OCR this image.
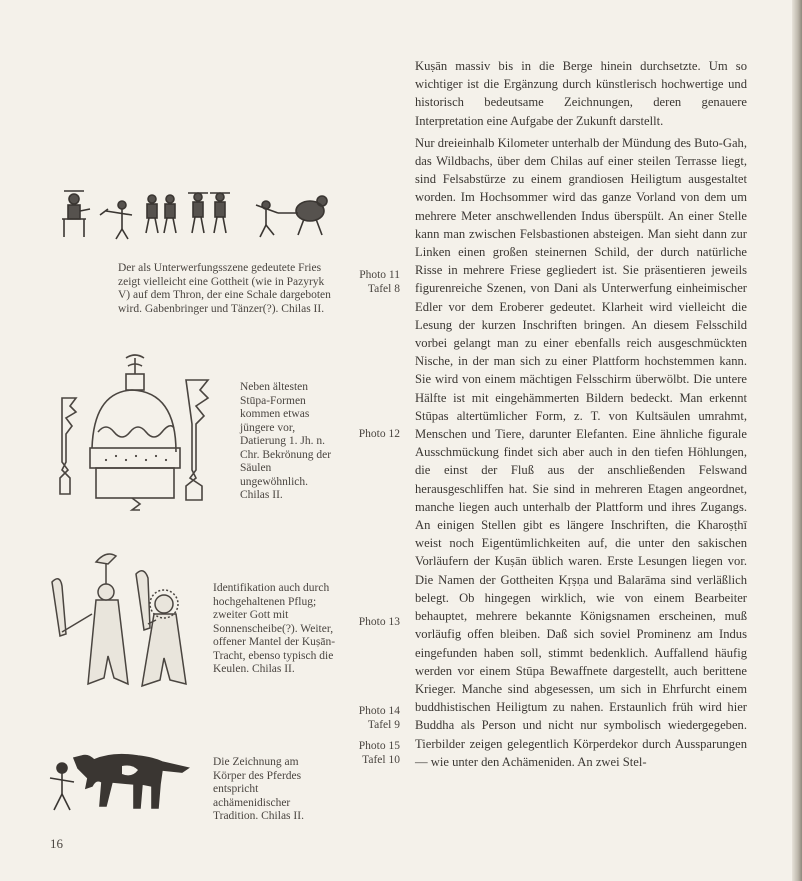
Der als Unterwerfungsszene gedeutete Fries zeigt vielleicht eine Gottheit (wie in Pazyryk V) auf dem Thron, der eine Schale dargeboten wird. Gabenbringer und Tänzer(?). Chilas II.

Neben ältesten Stūpa-Formen kommen etwas jüngere vor, Datierung 1. Jh. n. Chr. Bekrönung der Säulen ungewöhnlich. Chilas II.

Identifikation auch durch hochgehaltenen Pflug; zweiter Gott mit Sonnenscheibe(?). Weiter, offener Mantel der Kuṣān-Tracht, ebenso typisch die Keulen. Chilas II.

Die Zeichnung am Körper des Pferdes entspricht achämenidischer Tradition. Chilas II.

Photo 11
Tafel 8
Photo 12
Photo 13
Photo 14
Tafel 9
Photo 15
Tafel 10

Kuṣān massiv bis in die Berge hinein durchsetzte. Um so wichtiger ist die Ergänzung durch künstlerisch hochwertige und historisch bedeutsame Zeichnungen, deren genauere Interpretation eine Aufgabe der Zukunft darstellt.

Nur dreieinhalb Kilometer unterhalb der Mündung des Buto-Gah, das Wildbachs, über dem Chilas auf einer steilen Terrasse liegt, sind Felsabstürze zu einem grandiosen Heiligtum ausgestaltet worden. Im Hochsommer wird das ganze Vorland von dem um mehrere Meter anschwellenden Indus überspült. An einer Stelle kann man zwischen Felsbastionen absteigen. Man sieht dann zur Linken einen großen steinernen Schild, der durch natürliche Risse in mehrere Friese gegliedert ist. Sie präsentieren jeweils figurenreiche Szenen, von Dani als Unterwerfung einheimischer Edler vor dem Eroberer gedeutet. Klarheit wird vielleicht die Lesung der kurzen Inschriften bringen. An diesem Felsschild vorbei gelangt man zu einer ebenfalls reich ausgeschmückten Nische, in der man sich zu einer Plattform hochstemmen kann. Sie wird von einem mächtigen Felsschirm überwölbt. Die untere Hälfte ist mit eingehämmerten Bildern bedeckt. Man erkennt Stūpas altertümlicher Form, z. T. von Kultsäulen umrahmt, Menschen und Tiere, darunter Elefanten. Eine ähnliche figurale Ausschmückung findet sich aber auch in den tiefen Höhlungen, die einst der Fluß aus der anschließenden Felswand herausgeschliffen hat. Sie sind in mehreren Etagen angeordnet, manche liegen auch unterhalb der Plattform und ihres Zugangs. An einigen Stellen gibt es längere Inschriften, die Kharoṣṭhī weist noch Eigentümlichkeiten auf, die unter den sakischen Vorläufern der Kuṣān üblich waren. Erste Lesungen liegen vor. Die Namen der Gottheiten Kṛṣṇa und Balarāma sind verläßlich belegt. Ob hingegen wirklich, wie von einem Bearbeiter behauptet, mehrere bekannte Königsnamen erscheinen, muß vorläufig offen bleiben. Daß sich soviel Prominenz am Indus eingefunden haben soll, stimmt bedenklich. Auffallend häufig werden vor einem Stūpa Bewaffnete dargestellt, auch berittene Krieger. Manche sind abgesessen, um sich in Ehrfurcht einem buddhistischen Heiligtum zu nahen. Erstaunlich früh wird hier Buddha als Person und nicht nur symbolisch wiedergegeben. Tierbilder zeigen gelegentlich Körperdekor durch Aussparungen — wie unter den Achämeniden. An zwei Stel-

16
